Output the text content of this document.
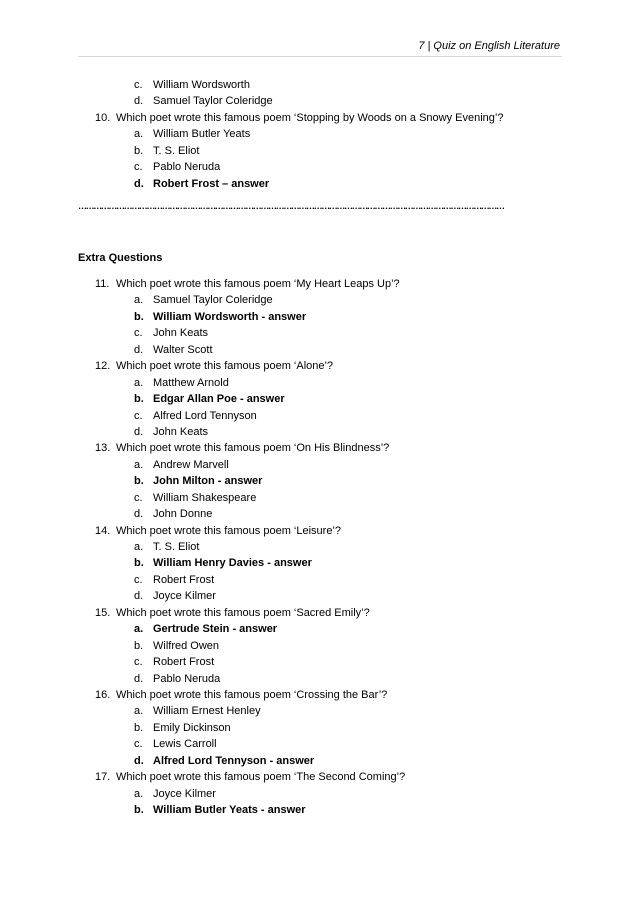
7 | Quiz on English Literature
c. William Wordsworth
d. Samuel Taylor Coleridge
10. Which poet wrote this famous poem ‘Stopping by Woods on a Snowy Evening’?
a. William Butler Yeats
b. T. S. Eliot
c. Pablo Neruda
d. Robert Frost – answer
……………………………………………………………………………………………………………………………………………………
Extra Questions
11. Which poet wrote this famous poem ‘My Heart Leaps Up’?
a. Samuel Taylor Coleridge
b. William Wordsworth - answer
c. John Keats
d. Walter Scott
12. Which poet wrote this famous poem ‘Alone’?
a. Matthew Arnold
b. Edgar Allan Poe - answer
c. Alfred Lord Tennyson
d. John Keats
13. Which poet wrote this famous poem ‘On His Blindness’?
a. Andrew Marvell
b. John Milton - answer
c. William Shakespeare
d. John Donne
14. Which poet wrote this famous poem ‘Leisure’?
a. T. S. Eliot
b. William Henry Davies - answer
c. Robert Frost
d. Joyce Kilmer
15. Which poet wrote this famous poem ‘Sacred Emily’?
a. Gertrude Stein - answer
b. Wilfred Owen
c. Robert Frost
d. Pablo Neruda
16. Which poet wrote this famous poem ‘Crossing the Bar’?
a. William Ernest Henley
b. Emily Dickinson
c. Lewis Carroll
d. Alfred Lord Tennyson - answer
17. Which poet wrote this famous poem ‘The Second Coming’?
a. Joyce Kilmer
b. William Butler Yeats - answer
